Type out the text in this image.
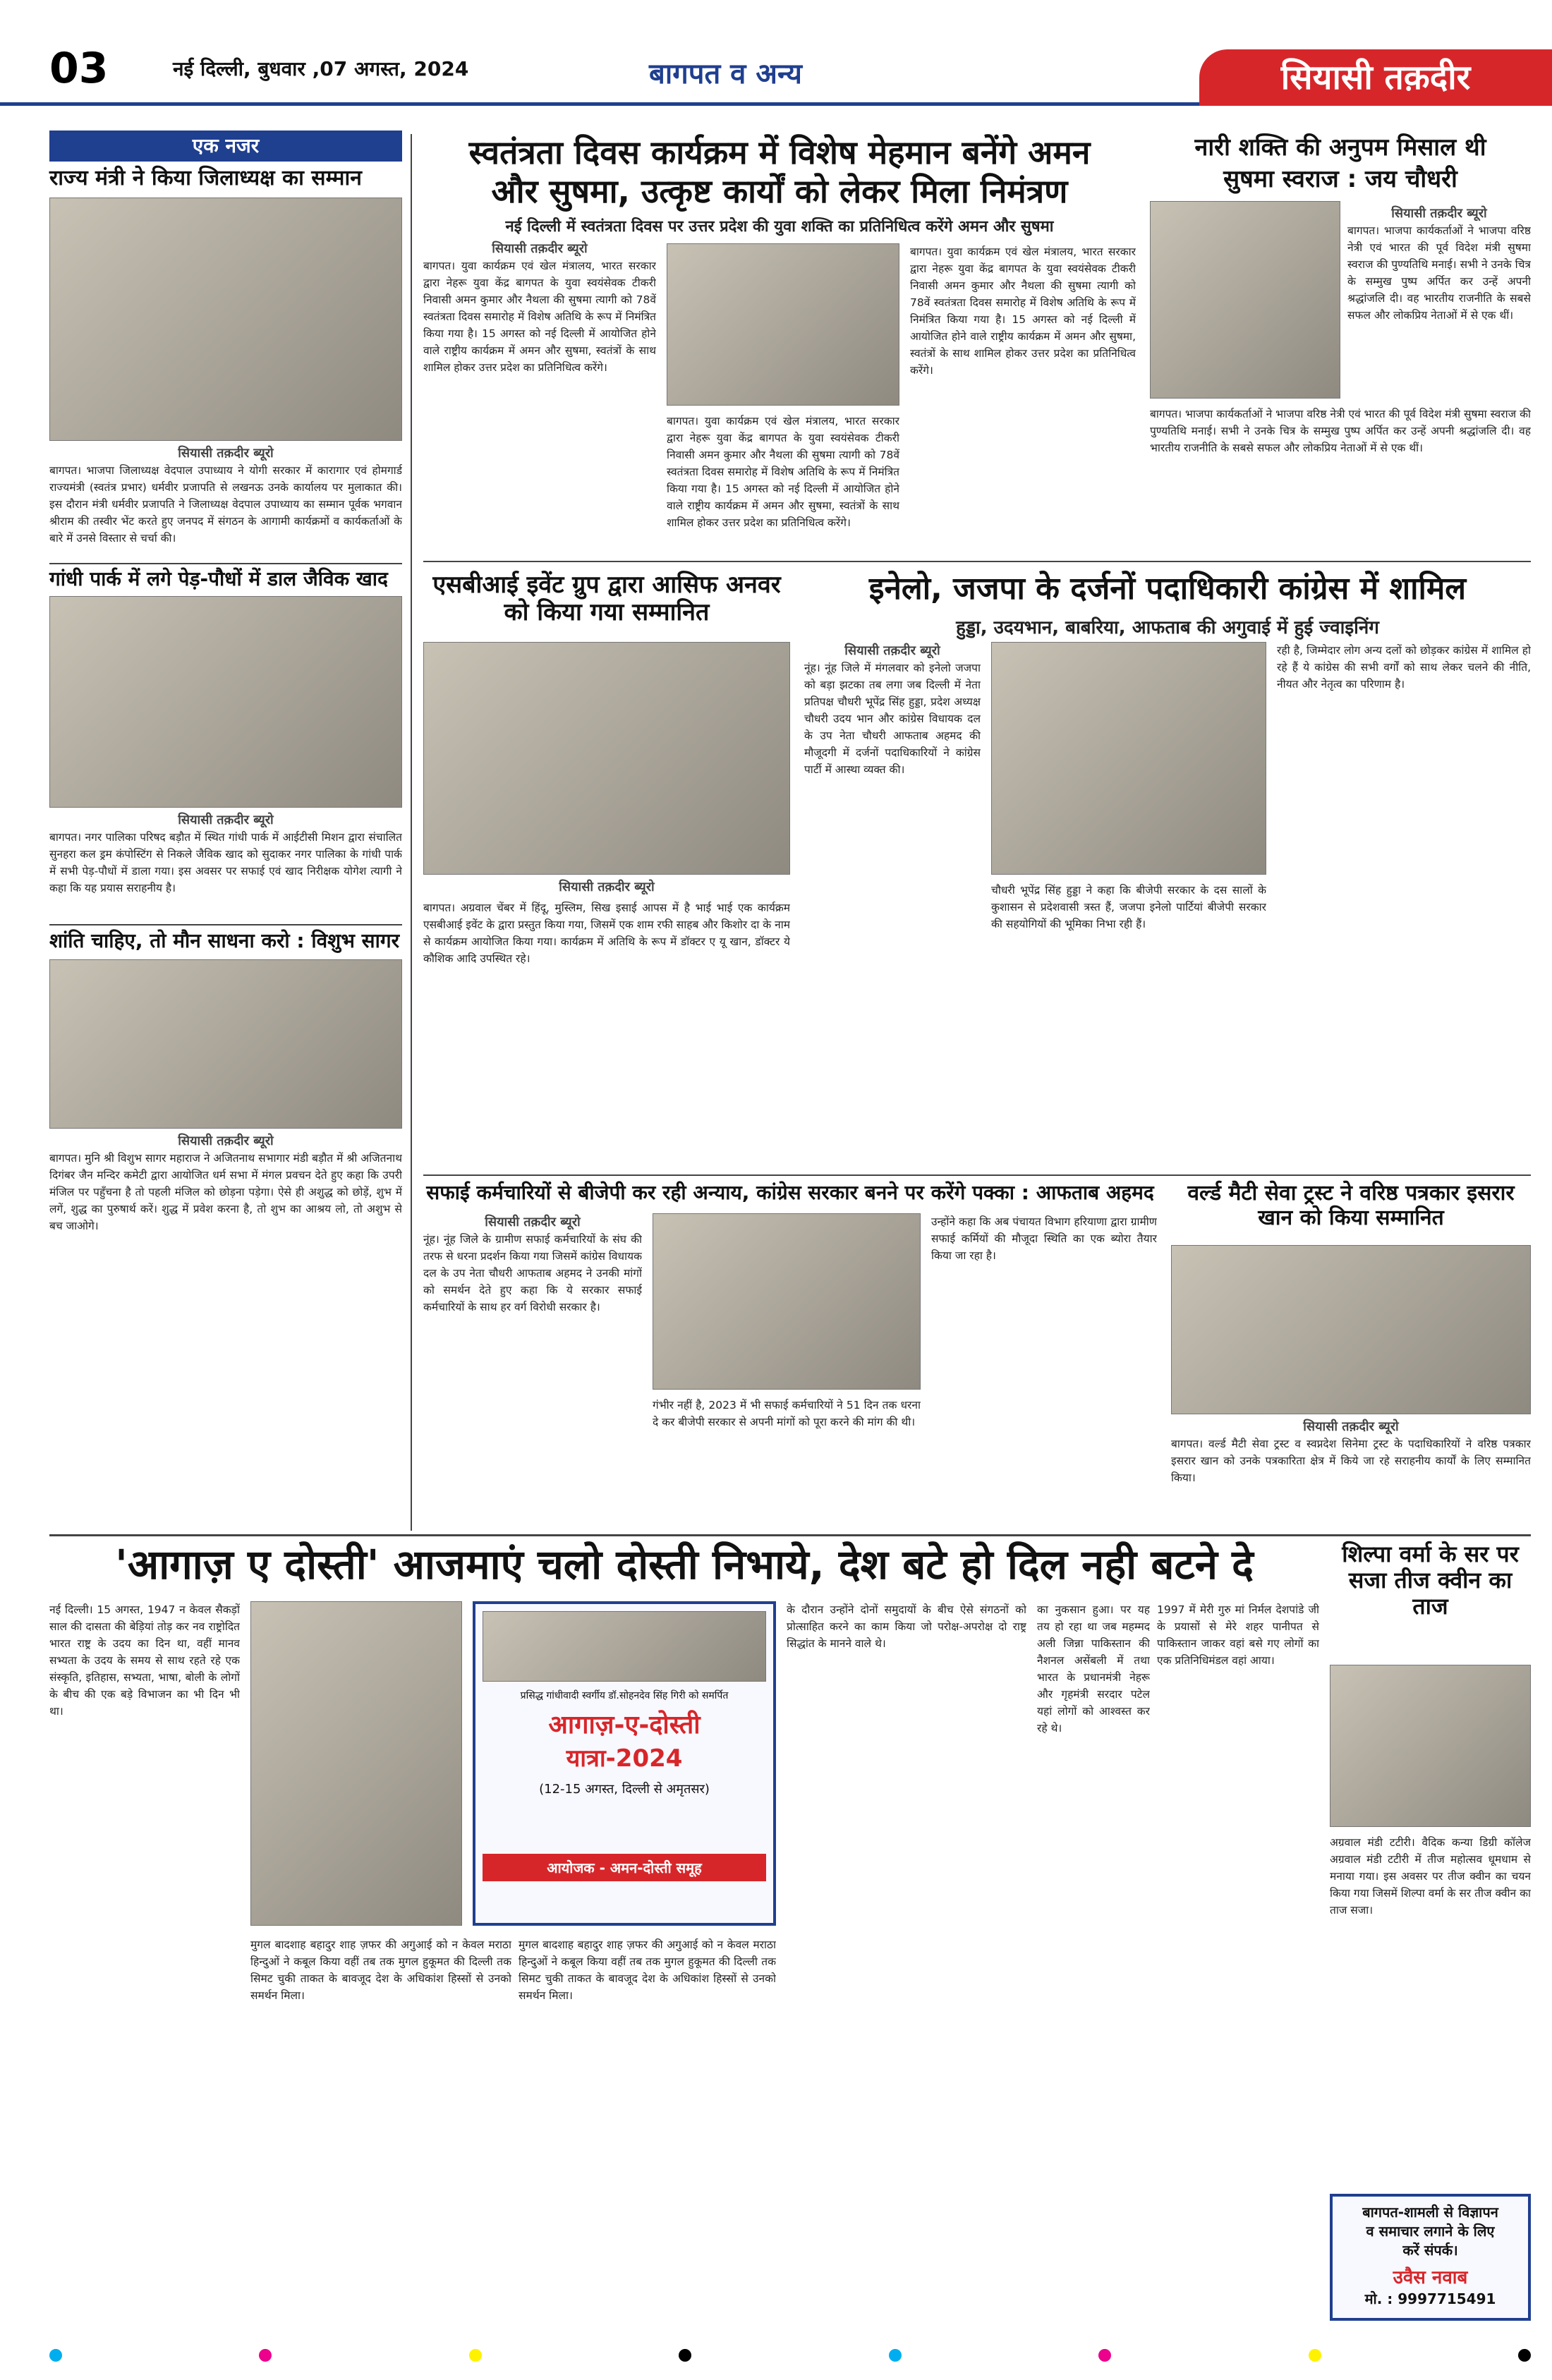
03	नई दिल्ली, बुधवार ,07 अगस्त, 2024	बागपत व अन्य	सियासी तक़दीर
एक नजर
राज्य मंत्री ने किया जिलाध्यक्ष का सम्मान
सियासी तक़दीर ब्यूरो

बागपत। भाजपा जिलाध्यक्ष वेदपाल उपाध्याय ने योगी सरकार में कारागार एवं होमगार्ड राज्यमंत्री (स्वतंत्र प्रभार) धर्मवीर प्रजापति से लखनऊ उनके कार्यालय पर मुलाकात की। इस दौरान मंत्री धर्मवीर प्रजापति ने जिलाध्यक्ष वेदपाल उपाध्याय का सम्मान पूर्वक भगवान श्रीराम की तस्वीर भेंट करते हुए जनपद में संगठन के आगामी कार्यक्रमों व कार्यकर्ताओं के बारे में उनसे विस्तार से चर्चा की।

गांधी पार्क में लगे पेड़-पौधों में डाल जैविक खाद
सियासी तक़दीर ब्यूरो

बागपत। नगर पालिका परिषद बड़ौत में स्थित गांधी पार्क में आईटीसी मिशन द्वारा संचालित सुनहरा कल ड्रम कंपोस्टिंग से निकले जैविक खाद को सुदाकर नगर पालिका के गांधी पार्क में सभी पेड़-पौधों में डाला गया। इस अवसर पर सफाई एवं खाद निरीक्षक योगेश त्यागी ने कहा कि यह प्रयास सराहनीय है।

शांति चाहिए, तो मौन साधना करो : विशुभ सागर
सियासी तक़दीर ब्यूरो

बागपत। मुनि श्री विशुभ सागर महाराज ने अजितनाथ सभागार मंडी बड़ौत में श्री अजितनाथ दिगंबर जैन मन्दिर कमेटी द्वारा आयोजित धर्म सभा में मंगल प्रवचन देते हुए कहा कि उपरी मंजिल पर पहुँचना है तो पहली मंजिल को छोड़ना पड़ेगा। ऐसे ही अशुद्ध को छोड़ें, शुभ में लगें, शुद्ध का पुरुषार्थ करें। शुद्ध में प्रवेश करना है, तो शुभ का आश्रय लो, तो अशुभ से बच जाओगे।

स्वतंत्रता दिवस कार्यक्रम में विशेष मेहमान बनेंगे अमन
और सुषमा, उत्कृष्ट कार्यों को लेकर मिला निमंत्रण
नई दिल्ली में स्वतंत्रता दिवस पर उत्तर प्रदेश की युवा शक्ति का प्रतिनिधित्व करेंगे अमन और सुषमा
सियासी तक़दीर ब्यूरो

बागपत। युवा कार्यक्रम एवं खेल मंत्रालय, भारत सरकार द्वारा नेहरू युवा केंद्र बागपत के युवा स्वयंसेवक टीकरी निवासी अमन कुमार और नैथला की सुषमा त्यागी को 78वें स्वतंत्रता दिवस समारोह में विशेष अतिथि के रूप में निमंत्रित किया गया है। 15 अगस्त को नई दिल्ली में आयोजित होने वाले राष्ट्रीय कार्यक्रम में अमन और सुषमा, स्वतंत्रों के साथ शामिल होकर उत्तर प्रदेश का प्रतिनिधित्व करेंगे।

बागपत। युवा कार्यक्रम एवं खेल मंत्रालय, भारत सरकार द्वारा नेहरू युवा केंद्र बागपत के युवा स्वयंसेवक टीकरी निवासी अमन कुमार और नैथला की सुषमा त्यागी को 78वें स्वतंत्रता दिवस समारोह में विशेष अतिथि के रूप में निमंत्रित किया गया है। 15 अगस्त को नई दिल्ली में आयोजित होने वाले राष्ट्रीय कार्यक्रम में अमन और सुषमा, स्वतंत्रों के साथ शामिल होकर उत्तर प्रदेश का प्रतिनिधित्व करेंगे।

बागपत। युवा कार्यक्रम एवं खेल मंत्रालय, भारत सरकार द्वारा नेहरू युवा केंद्र बागपत के युवा स्वयंसेवक टीकरी निवासी अमन कुमार और नैथला की सुषमा त्यागी को 78वें स्वतंत्रता दिवस समारोह में विशेष अतिथि के रूप में निमंत्रित किया गया है। 15 अगस्त को नई दिल्ली में आयोजित होने वाले राष्ट्रीय कार्यक्रम में अमन और सुषमा, स्वतंत्रों के साथ शामिल होकर उत्तर प्रदेश का प्रतिनिधित्व करेंगे।

नारी शक्ति की अनुपम मिसाल थी
सुषमा स्वराज : जय चौधरी
सियासी तक़दीर ब्यूरो

बागपत। भाजपा कार्यकर्ताओं ने भाजपा वरिष्ठ नेत्री एवं भारत की पूर्व विदेश मंत्री सुषमा स्वराज की पुण्यतिथि मनाई। सभी ने उनके चित्र के सम्मुख पुष्प अर्पित कर उन्हें अपनी श्रद्धांजलि दी। वह भारतीय राजनीति के सबसे सफल और लोकप्रिय नेताओं में से एक थीं।

बागपत। भाजपा कार्यकर्ताओं ने भाजपा वरिष्ठ नेत्री एवं भारत की पूर्व विदेश मंत्री सुषमा स्वराज की पुण्यतिथि मनाई। सभी ने उनके चित्र के सम्मुख पुष्प अर्पित कर उन्हें अपनी श्रद्धांजलि दी। वह भारतीय राजनीति के सबसे सफल और लोकप्रिय नेताओं में से एक थीं।

एसबीआई इवेंट ग्रुप द्वारा आसिफ अनवर को किया गया सम्मानित
सियासी तक़दीर ब्यूरो

बागपत। अग्रवाल चेंबर में हिंदू, मुस्लिम, सिख इसाई आपस में है भाई भाई एक कार्यक्रम एसबीआई इवेंट के द्वारा प्रस्तुत किया गया, जिसमें एक शाम रफी साहब और किशोर दा के नाम से कार्यक्रम आयोजित किया गया। कार्यक्रम में अतिथि के रूप में डॉक्टर ए यू खान, डॉक्टर ये कौशिक आदि उपस्थित रहे।

इनेलो, जजपा के दर्जनों पदाधिकारी कांग्रेस में शामिल
हुड्डा, उदयभान, बाबरिया, आफताब की अगुवाई में हुई ज्वाइनिंग
सियासी तक़दीर ब्यूरो

नूंह। नूंह जिले में मंगलवार को इनेलो जजपा को बड़ा झटका तब लगा जब दिल्ली में नेता प्रतिपक्ष चौधरी भूपेंद्र सिंह हुड्डा, प्रदेश अध्यक्ष चौधरी उदय भान और कांग्रेस विधायक दल के उप नेता चौधरी आफताब अहमद की मौजूदगी में दर्जनों पदाधिकारियों ने कांग्रेस पार्टी में आस्था व्यक्त की।

चौधरी भूपेंद्र सिंह हुड्डा ने कहा कि बीजेपी सरकार के दस सालों के कुशासन से प्रदेशवासी त्रस्त हैं, जजपा इनेलो पार्टियां बीजेपी सरकार की सहयोगियों की भूमिका निभा रही हैं।

रही है, जिम्मेदार लोग अन्य दलों को छोड़कर कांग्रेस में शामिल हो रहे हैं ये कांग्रेस की सभी वर्गों को साथ लेकर चलने की नीति, नीयत और नेतृत्व का परिणाम है।

सफाई कर्मचारियों से बीजेपी कर रही अन्याय, कांग्रेस सरकार बनने पर करेंगे पक्का : आफताब अहमद
सियासी तक़दीर ब्यूरो

नूंह। नूंह जिले के ग्रामीण सफाई कर्मचारियों के संघ की तरफ से धरना प्रदर्शन किया गया जिसमें कांग्रेस विधायक दल के उप नेता चौधरी आफताब अहमद ने उनकी मांगों को समर्थन देते हुए कहा कि ये सरकार सफाई कर्मचारियों के साथ हर वर्ग विरोधी सरकार है।

गंभीर नहीं है, 2023 में भी सफाई कर्मचारियों ने 51 दिन तक धरना दे कर बीजेपी सरकार से अपनी मांगों को पूरा करने की मांग की थी।

उन्होंने कहा कि अब पंचायत विभाग हरियाणा द्वारा ग्रामीण सफाई कर्मियों की मौजूदा स्थिति का एक ब्योरा तैयार किया जा रहा है।

वर्ल्ड मैटी सेवा ट्रस्ट ने वरिष्ठ पत्रकार इसरार खान को किया सम्मानित
सियासी तक़दीर ब्यूरो

बागपत। वर्ल्ड मैटी सेवा ट्रस्ट व स्वप्नदेश सिनेमा ट्रस्ट के पदाधिकारियों ने वरिष्ठ पत्रकार इसरार खान को उनके पत्रकारिता क्षेत्र में किये जा रहे सराहनीय कार्यों के लिए सम्मानित किया।

'आगाज़ ए दोस्ती' आजमाएं चलो दोस्ती निभाये, देश बटे हो दिल नही बटने दे

नई दिल्ली। 15 अगस्त, 1947 न केवल सैकड़ों साल की दासता की बेड़ियां तोड़ कर नव राष्ट्रोदित भारत राष्ट्र के उदय का दिन था, वहीं मानव सभ्यता के उदय के समय से साथ रहते रहे एक संस्कृति, इतिहास, सभ्यता, भाषा, बोली के लोगों के बीच की एक बड़े विभाजन का भी दिन भी था।

प्रसिद्ध गांधीवादी स्वर्गीय डॉ.सोहनदेव सिंह गिरी को समर्पित
आगाज़-ए-दोस्ती
यात्रा-2024
(12-15 अगस्त, दिल्ली से अमृतसर)
आयोजक - अमन-दोस्ती समूह

मुगल बादशाह बहादुर शाह ज़फर की अगुआई को न केवल मराठा हिन्दुओं ने कबूल किया वहीं तब तक मुगल हुकूमत की दिल्ली तक सिमट चुकी ताकत के बावजूद देश के अधिकांश हिस्सों से उनको समर्थन मिला।

मुगल बादशाह बहादुर शाह ज़फर की अगुआई को न केवल मराठा हिन्दुओं ने कबूल किया वहीं तब तक मुगल हुकूमत की दिल्ली तक सिमट चुकी ताकत के बावजूद देश के अधिकांश हिस्सों से उनको समर्थन मिला।

के दौरान उन्होंने दोनों समुदायों के बीच ऐसे संगठनों को प्रोत्साहित करने का काम किया जो परोक्ष-अपरोक्ष दो राष्ट्र सिद्धांत के मानने वाले थे।

का नुकसान हुआ। पर यह तय हो रहा था जब महम्मद अली जिन्ना पाकिस्तान की नैशनल असेंबली में तथा भारत के प्रधानमंत्री नेहरू और गृहमंत्री सरदार पटेल यहां लोगों को आश्वस्त कर रहे थे।

1997 में मेरी गुरु मां निर्मल देशपांडे जी के प्रयासों से मेरे शहर पानीपत से पाकिस्तान जाकर वहां बसे गए लोगों का एक प्रतिनिधिमंडल वहां आया।

शिल्पा वर्मा के सर पर सजा तीज क्वीन का ताज

अग्रवाल मंडी टटीरी। वैदिक कन्या डिग्री कॉलेज अग्रवाल मंडी टटीरी में तीज महोत्सव धूमधाम से मनाया गया। इस अवसर पर तीज क्वीन का चयन किया गया जिसमें शिल्पा वर्मा के सर तीज क्वीन का ताज सजा।

बागपत-शामली से विज्ञापन
व समाचार लगाने के लिए
करें संपर्क।
उवैस नवाब
मो. : 9997715491
